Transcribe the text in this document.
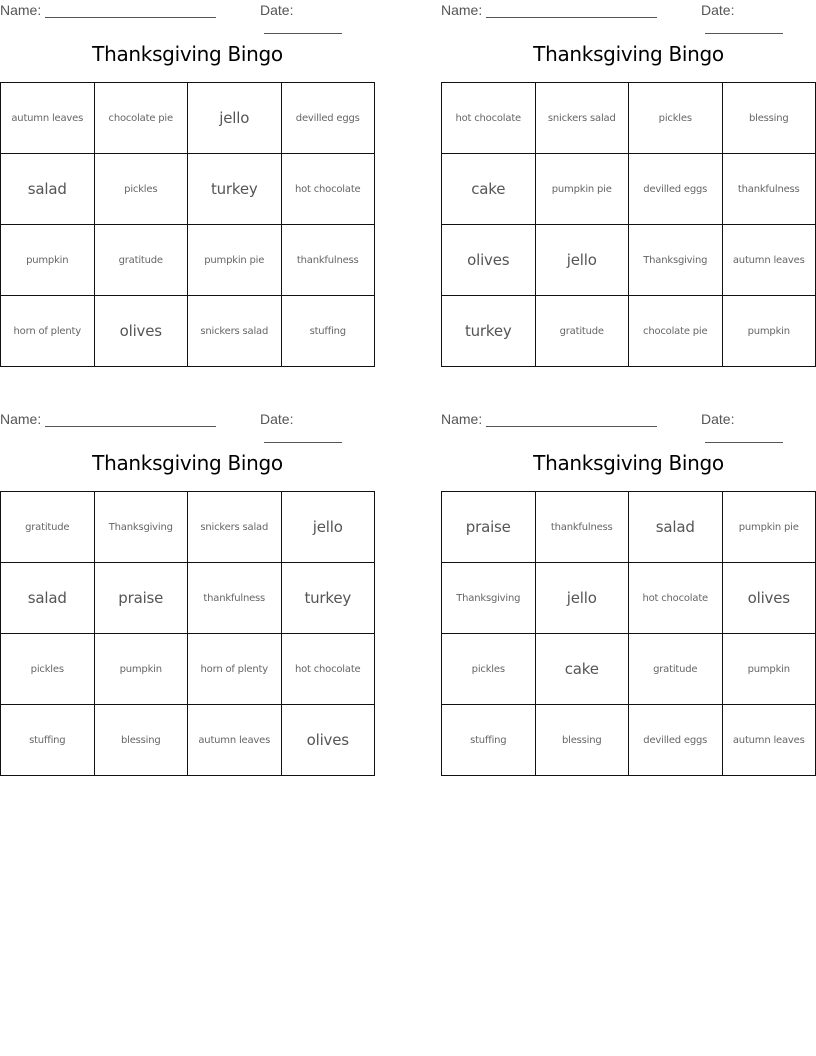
Name:	Date:
Thanksgiving Bingo
autumn leaves	chocolate pie	jello	devilled eggs
salad	pickles	turkey	hot chocolate
pumpkin	gratitude	pumpkin pie	thankfulness
horn of plenty	olives	snickers salad	stuffing
Name:	Date:
Thanksgiving Bingo
hot chocolate	snickers salad	pickles	blessing
cake	pumpkin pie	devilled eggs	thankfulness
olives	jello	Thanksgiving	autumn leaves
turkey	gratitude	chocolate pie	pumpkin
Name:	Date:
Thanksgiving Bingo
gratitude	Thanksgiving	snickers salad	jello
salad	praise	thankfulness	turkey
pickles	pumpkin	horn of plenty	hot chocolate
stuffing	blessing	autumn leaves	olives
Name:	Date:
Thanksgiving Bingo
praise	thankfulness	salad	pumpkin pie
Thanksgiving	jello	hot chocolate	olives
pickles	cake	gratitude	pumpkin
stuffing	blessing	devilled eggs	autumn leaves
